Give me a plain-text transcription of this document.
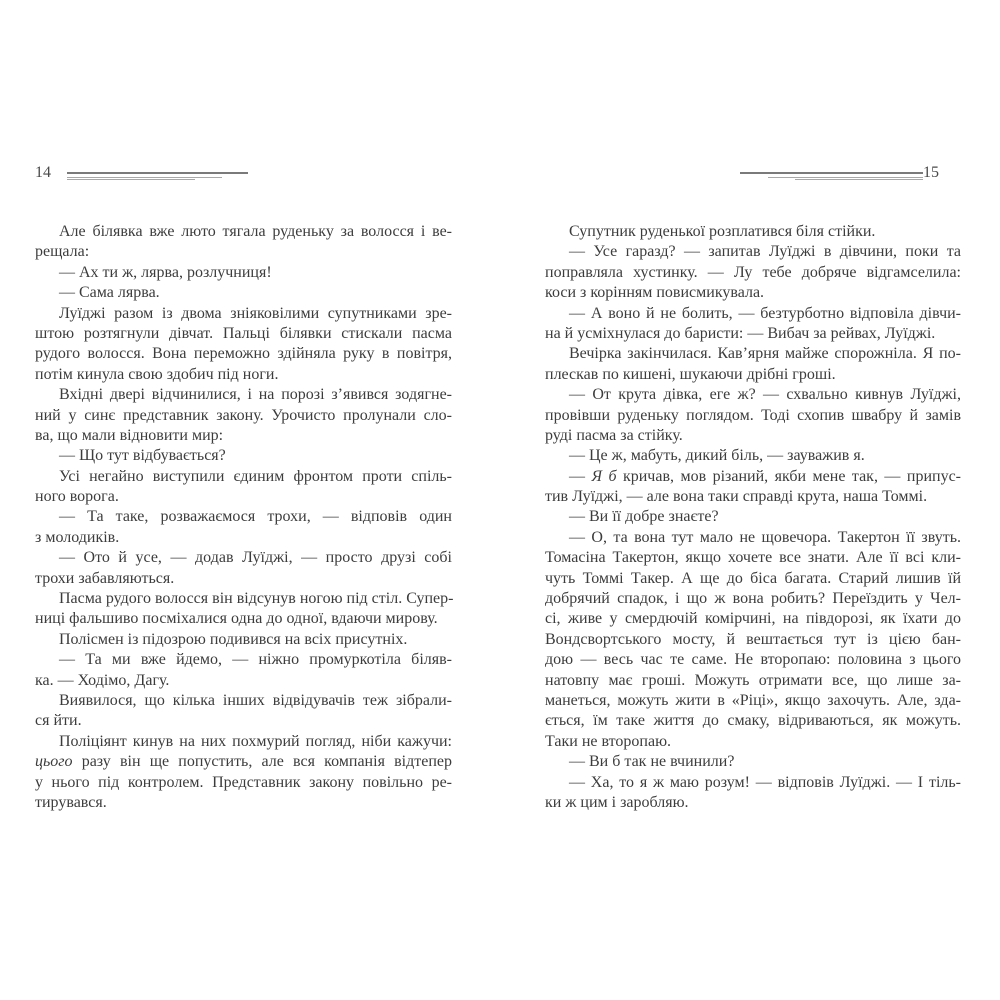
14
Але білявка вже люто тягала руденьку за волосся і ве-
рещала:
— Ах ти ж, лярва, розлучниця!
— Сама лярва.
Луїджі разом із двома зніяковілими супутниками зре-
штою розтягнули дівчат. Пальці білявки стискали пасма
рудого волосся. Вона переможно здійняла руку в повітря,
потім кинула свою здобич під ноги.
Вхідні двері відчинилися, і на порозі з’явився зодягне-
ний у синє представник закону. Урочисто пролунали сло-
ва, що мали відновити мир:
— Що тут відбувається?
Усі негайно виступили єдиним фронтом проти спіль-
ного ворога.
— Та таке, розважаємося трохи, — відповів один
з молодиків.
— Ото й усе, — додав Луїджі, — просто друзі собі
трохи забавляються.
Пасма рудого волосся він відсунув ногою під стіл. Супер-
ниці фальшиво посміхалися одна до одної, вдаючи мирову.
Полісмен із підозрою подивився на всіх присутніх.
— Та ми вже йдемо, — ніжно промуркотіла біляв-
ка. — Ходімо, Дагу.
Виявилося, що кілька інших відвідувачів теж зібрали-
ся йти.
Поліціянт кинув на них похмурий погляд, ніби кажучи:
цього разу він ще попустить, але вся компанія відтепер
у нього під контролем. Представник закону повільно ре-
тирувався.
15
Супутник руденької розплатився біля стійки.
— Усе гаразд? — запитав Луїджі в дівчини, поки та
поправляла хустинку. — Лу тебе добряче відгамселила:
коси з корінням повисмикувала.
— А воно й не болить, — безтурботно відповіла дівчи-
на й усміхнулася до баристи: — Вибач за рейвах, Луїджі.
Вечірка закінчилася. Кав’ярня майже спорожніла. Я по-
плескав по кишені, шукаючи дрібні гроші.
— От крута дівка, еге ж? — схвально кивнув Луїджі,
провівши руденьку поглядом. Тоді схопив швабру й замів
руді пасма за стійку.
— Це ж, мабуть, дикий біль, — зауважив я.
— Я б кричав, мов різаний, якби мене так, — припус-
тив Луїджі, — але вона таки справді крута, наша Томмі.
— Ви її добре знаєте?
— О, та вона тут мало не щовечора. Такертон її звуть.
Томасіна Такертон, якщо хочете все знати. Але її всі кли-
чуть Томмі Такер. А ще до біса багата. Старий лишив їй
добрячий спадок, і що ж вона робить? Переїздить у Чел-
сі, живе у смердючій комірчині, на півдорозі, як їхати до
Вондсвортського мосту, й вештається тут із цією бан-
дою — весь час те саме. Не второпаю: половина з цього
натовпу має гроші. Можуть отримати все, що лише за-
манеться, можуть жити в «Ріці», якщо захочуть. Але, зда-
ється, їм таке життя до смаку, відриваються, як можуть.
Таки не второпаю.
— Ви б так не вчинили?
— Ха, то я ж маю розум! — відповів Луїджі. — І тіль-
ки ж цим і заробляю.
